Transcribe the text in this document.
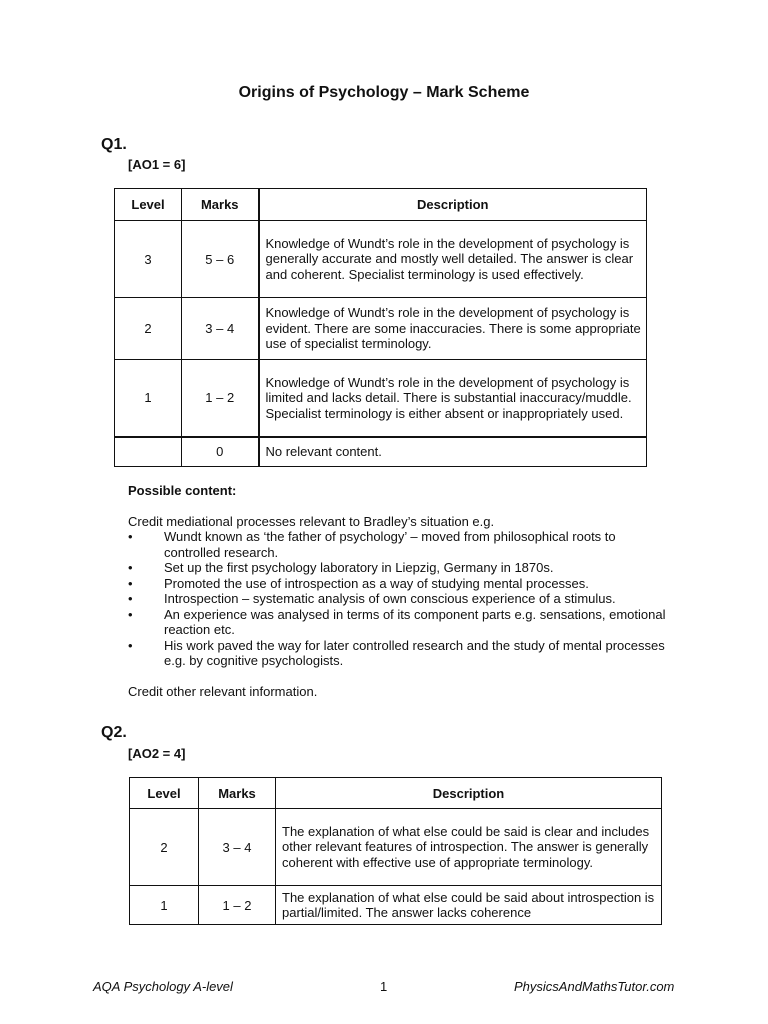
Origins of Psychology – Mark Scheme
Q1.
[AO1 = 6]
Level	Marks	Description
3	5 – 6	Knowledge of Wundt’s role in the development of psychology is generally accurate and mostly well detailed. The answer is clear and coherent. Specialist terminology is used effectively.
2	3 – 4	Knowledge of Wundt’s role in the development of psychology is evident. There are some inaccuracies. There is some appropriate use of specialist terminology.
1	1 – 2	Knowledge of Wundt’s role in the development of psychology is limited and lacks detail. There is substantial inaccuracy/muddle. Specialist terminology is either absent or inappropriately used.
	0	No relevant content.
Possible content:
Credit mediational processes relevant to Bradley’s situation e.g.
• Wundt known as ‘the father of psychology’ – moved from philosophical roots to controlled research.
• Set up the first psychology laboratory in Liepzig, Germany in 1870s.
• Promoted the use of introspection as a way of studying mental processes.
• Introspection – systematic analysis of own conscious experience of a stimulus.
• An experience was analysed in terms of its component parts e.g. sensations, emotional reaction etc.
• His work paved the way for later controlled research and the study of mental processes e.g. by cognitive psychologists.
Credit other relevant information.
Q2.
[AO2 = 4]
Level	Marks	Description
2	3 – 4	The explanation of what else could be said is clear and includes other relevant features of introspection. The answer is generally coherent with effective use of appropriate terminology.
1	1 – 2	The explanation of what else could be said about introspection is partial/limited. The answer lacks coherence
AQA Psychology A-level	1	PhysicsAndMathsTutor.com
